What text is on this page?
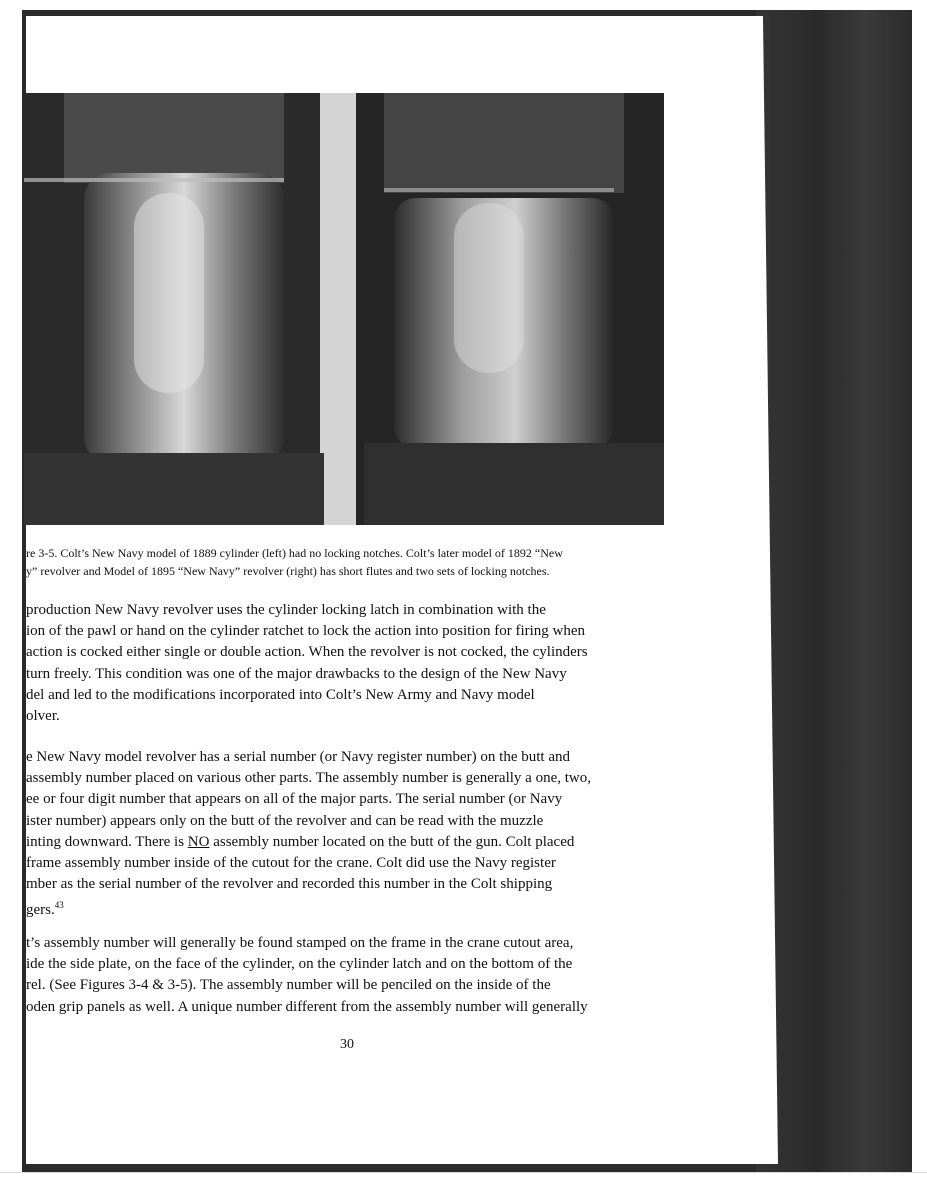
re 3-5. Colt’s New Navy model of 1889 cylinder (left) had no locking notches. Colt’s later model of 1892 “New
y” revolver and Model of 1895 “New Navy” revolver (right) has short flutes and two sets of locking notches.

production New Navy revolver uses the cylinder locking latch in combination with the
ion of the pawl or hand on the cylinder ratchet to lock the action into position for firing when
action is cocked either single or double action. When the revolver is not cocked, the cylinders
turn freely. This condition was one of the major drawbacks to the design of the New Navy
del and led to the modifications incorporated into Colt’s New Army and Navy model
olver.

e New Navy model revolver has a serial number (or Navy register number) on the butt and
assembly number placed on various other parts. The assembly number is generally a one, two,
ee or four digit number that appears on all of the major parts. The serial number (or Navy
ister number) appears only on the butt of the revolver and can be read with the muzzle
inting downward. There is NO assembly number located on the butt of the gun. Colt placed
frame assembly number inside of the cutout for the crane. Colt did use the Navy register
mber as the serial number of the revolver and recorded this number in the Colt shipping
gers.$^{43}$

t’s assembly number will generally be found stamped on the frame in the crane cutout area,
ide the side plate, on the face of the cylinder, on the cylinder latch and on the bottom of the
rel. (See Figures 3-4 & 3-5). The assembly number will be penciled on the inside of the
oden grip panels as well. A unique number different from the assembly number will generally

30
